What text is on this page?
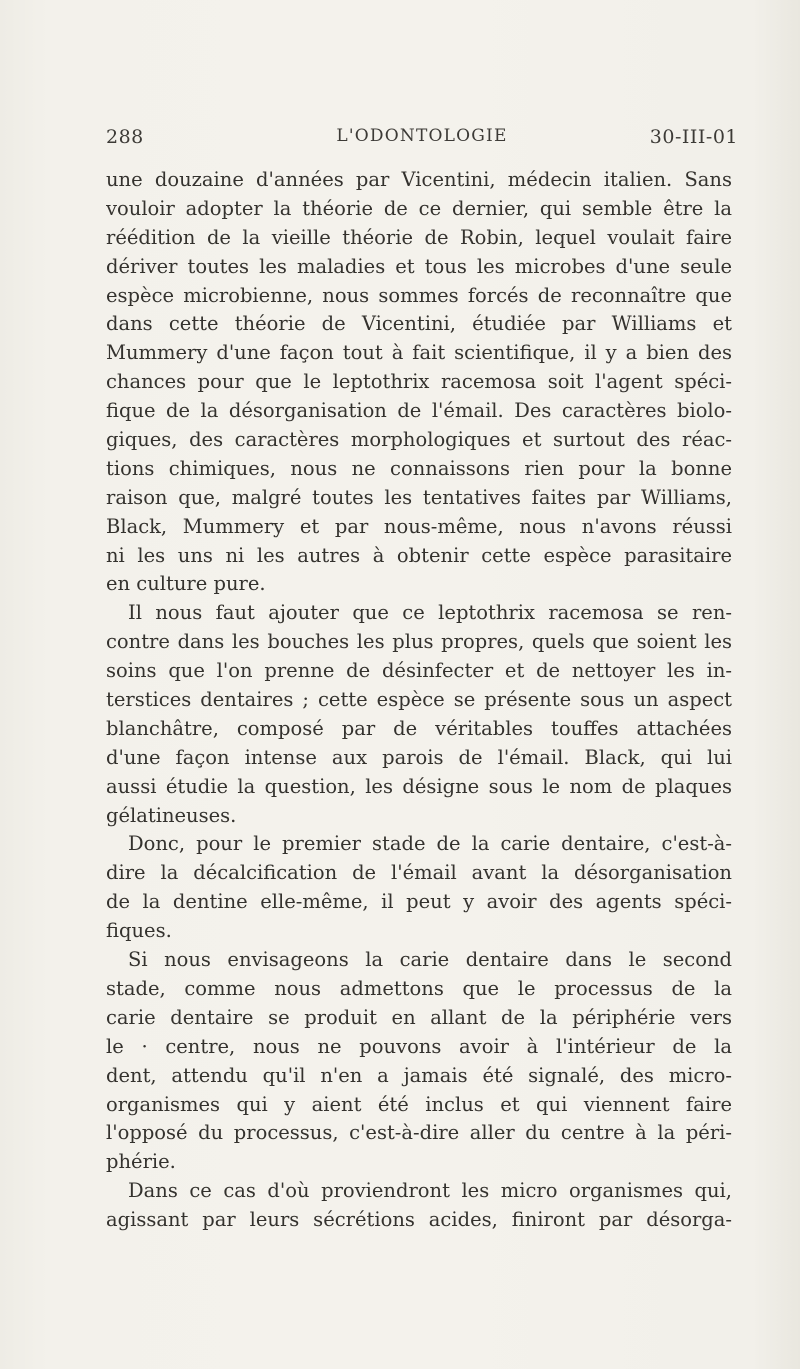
288	L'ODONTOLOGIE	30-III-01
une douzaine d'années par Vicentini, médecin italien. Sans
vouloir adopter la théorie de ce dernier, qui semble être la
réédition de la vieille théorie de Robin, lequel voulait faire
dériver toutes les maladies et tous les microbes d'une seule
espèce microbienne, nous sommes forcés de reconnaître que
dans cette théorie de Vicentini, étudiée par Williams et
Mummery d'une façon tout à fait scientifique, il y a bien des
chances pour que le leptothrix racemosa soit l'agent spéci-
fique de la désorganisation de l'émail. Des caractères biolo-
giques, des caractères morphologiques et surtout des réac-
tions chimiques, nous ne connaissons rien pour la bonne
raison que, malgré toutes les tentatives faites par Williams,
Black, Mummery et par nous-même, nous n'avons réussi
ni les uns ni les autres à obtenir cette espèce parasitaire
en culture pure.
Il nous faut ajouter que ce leptothrix racemosa se ren-
contre dans les bouches les plus propres, quels que soient les
soins que l'on prenne de désinfecter et de nettoyer les in-
terstices dentaires ; cette espèce se présente sous un aspect
blanchâtre, composé par de véritables touffes attachées
d'une façon intense aux parois de l'émail. Black, qui lui
aussi étudie la question, les désigne sous le nom de plaques
gélatineuses.
Donc, pour le premier stade de la carie dentaire, c'est-à-
dire la décalcification de l'émail avant la désorganisation
de la dentine elle-même, il peut y avoir des agents spéci-
fiques.
Si nous envisageons la carie dentaire dans le second
stade, comme nous admettons que le processus de la
carie dentaire se produit en allant de la périphérie vers
le · centre, nous ne pouvons avoir à l'intérieur de la
dent, attendu qu'il n'en a jamais été signalé, des micro-
organismes qui y aient été inclus et qui viennent faire
l'opposé du processus, c'est-à-dire aller du centre à la péri-
phérie.
Dans ce cas d'où proviendront les micro organismes qui,
agissant par leurs sécrétions acides, finiront par désorga-
